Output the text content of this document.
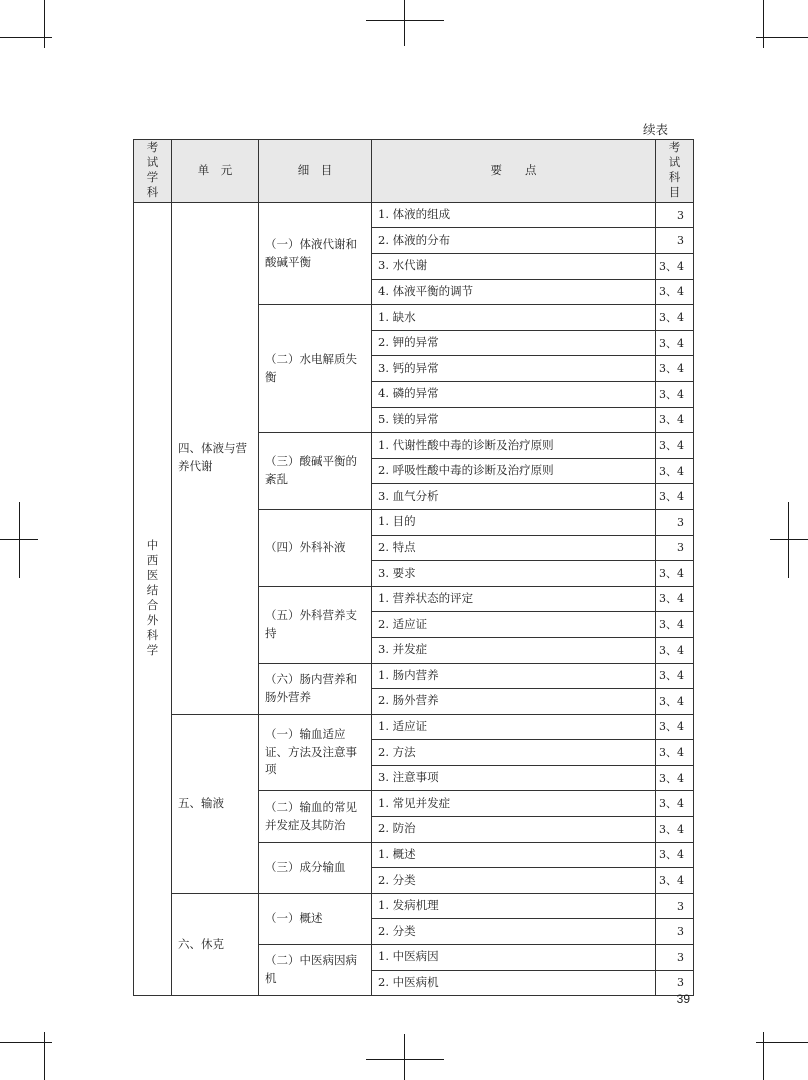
续表
考试学科	单　元	细　目	要　　点	考试科目
中西医结合外科学	四、体液与营养代谢	（一）体液代谢和酸碱平衡	1. 体液的组成	3
			2. 体液的分布	3
			3. 水代谢	3、4
			4. 体液平衡的调节	3、4
		（二）水电解质失衡	1. 缺水	3、4
			2. 钾的异常	3、4
			3. 钙的异常	3、4
			4. 磷的异常	3、4
			5. 镁的异常	3、4
		（三）酸碱平衡的紊乱	1. 代谢性酸中毒的诊断及治疗原则	3、4
			2. 呼吸性酸中毒的诊断及治疗原则	3、4
			3. 血气分析	3、4
		（四）外科补液	1. 目的	3
			2. 特点	3
			3. 要求	3、4
		（五）外科营养支持	1. 营养状态的评定	3、4
			2. 适应证	3、4
			3. 并发症	3、4
		（六）肠内营养和肠外营养	1. 肠内营养	3、4
			2. 肠外营养	3、4
	五、输液	（一）输血适应证、方法及注意事项	1. 适应证	3、4
			2. 方法	3、4
			3. 注意事项	3、4
		（二）输血的常见并发症及其防治	1. 常见并发症	3、4
			2. 防治	3、4
		（三）成分输血	1. 概述	3、4
			2. 分类	3、4
	六、休克	（一）概述	1. 发病机理	3
			2. 分类	3
		（二）中医病因病机	1. 中医病因	3
			2. 中医病机	3
39
